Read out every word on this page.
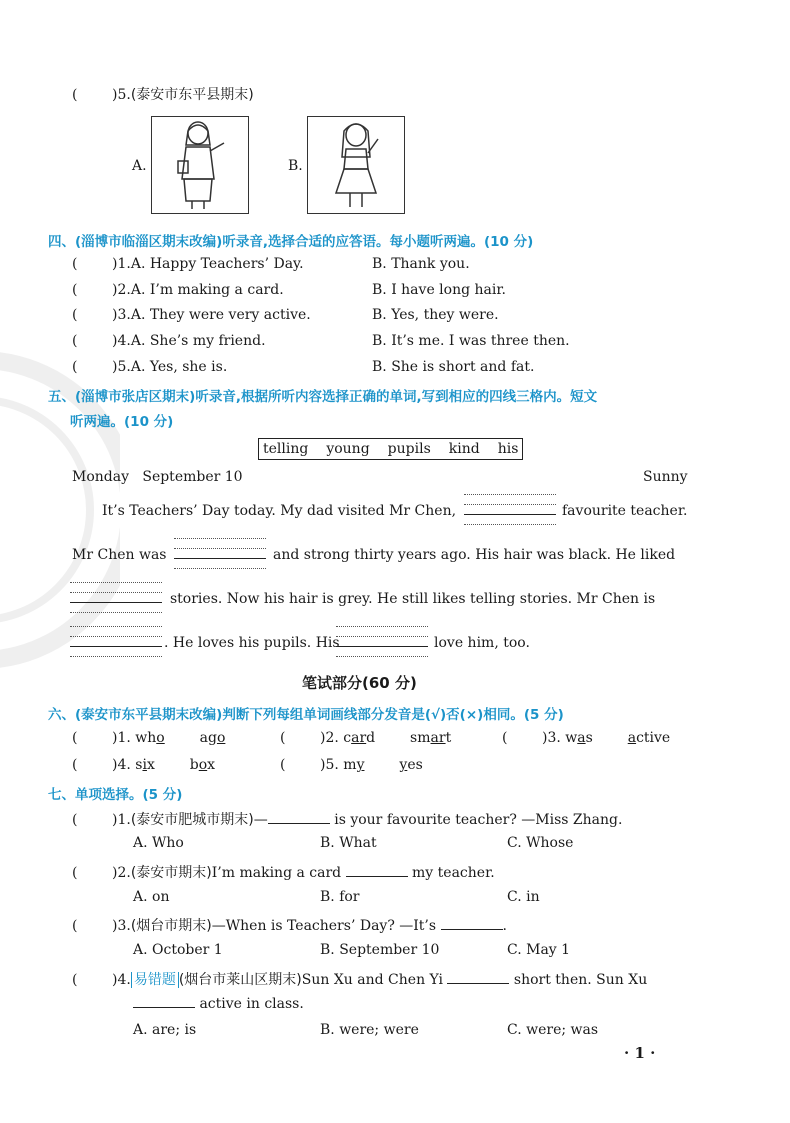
( )5.(泰安市东平县期末)
A.	B.
四、(淄博市临淄区期末改编)听录音,选择合适的应答语。每小题听两遍。(10 分)
( )1.A. Happy Teachers’ Day.	B. Thank you.
( )2.A. I’m making a card.	B. I have long hair.
( )3.A. They were very active.	B. Yes, they were.
( )4.A. She’s my friend.	B. It’s me. I was three then.
( )5.A. Yes, she is.	B. She is short and fat.
五、(淄博市张店区期末)听录音,根据所听内容选择正确的单词,写到相应的四线三格内。短文
听两遍。(10 分)
telling young pupils kind his
Monday   September 10	Sunny
It’s Teachers’ Day today. My dad visited Mr Chen,	favourite teacher.
Mr Chen was	and strong thirty years ago. His hair was black. He liked
stories. Now his hair is grey. He still likes telling stories. Mr Chen is
. He loves his pupils. His	love him, too.
笔试部分(60 分)
六、(泰安市东平县期末改编)判断下列每组单词画线部分发音是(√)否(×)相同。(5 分)
( )1. who ago	( )2. card smart	( )3. was active
( )4. six box	( )5. my yes
七、单项选择。(5 分)
( )1.(泰安市肥城市期末)—	is your favourite teacher? —Miss Zhang.
A. Who	B. What	C. Whose
( )2.(泰安市期末)I’m making a card	my teacher.
A. on	B. for	C. in
( )3.(烟台市期末)—When is Teachers’ Day? —It’s	.
A. October 1	B. September 10	C. May 1
( )4. 易错题 (烟台市莱山区期末)Sun Xu and Chen Yi	short then. Sun Xu
active in class.
A. are; is	B. were; were	C. were; was
· 1 ·
